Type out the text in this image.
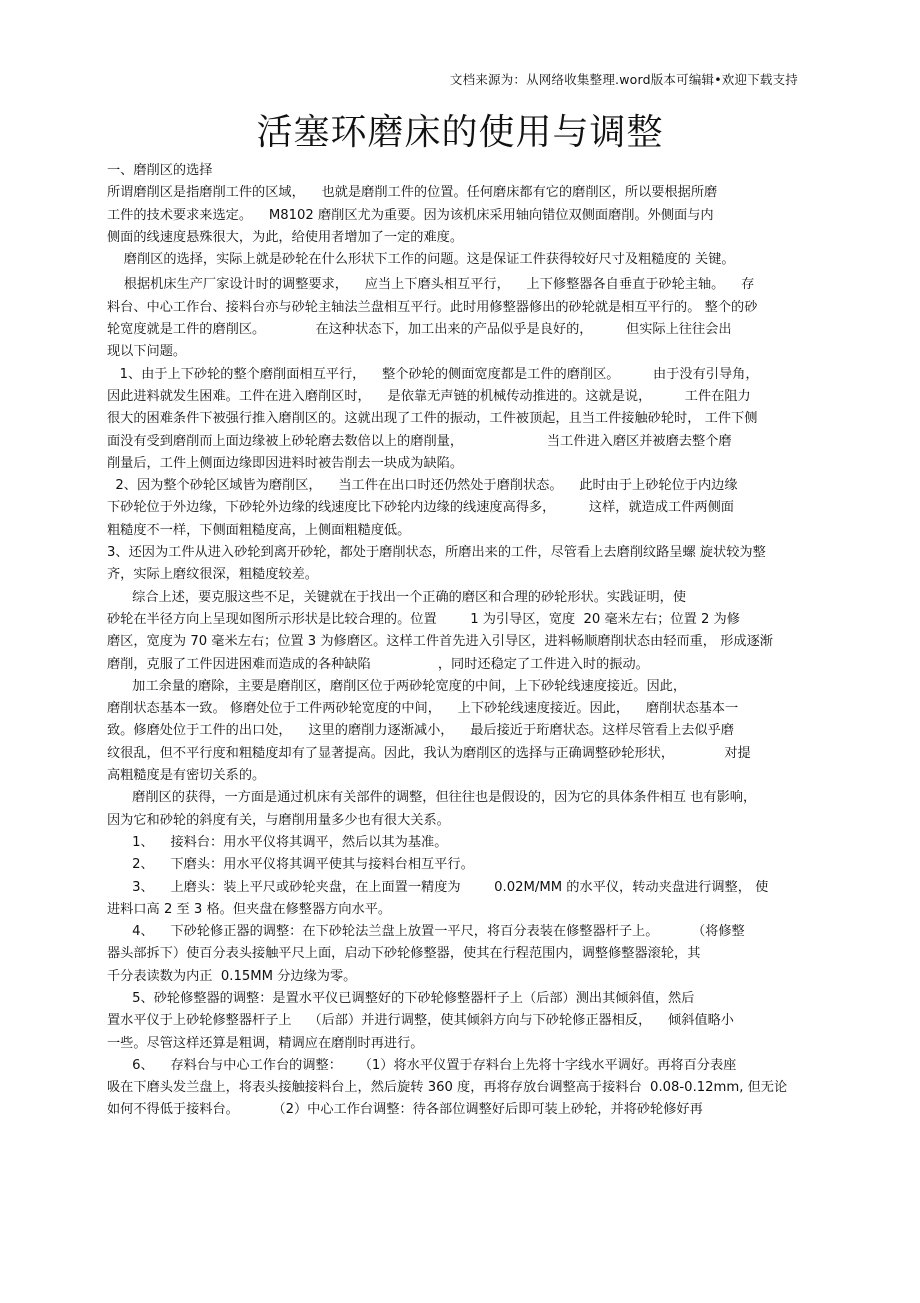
文档来源为：从网络收集整理.word版本可编辑•欢迎下载支持
活塞环磨床的使用与调整
一、磨削区的选择
所谓磨削区是指磨削工件的区域，    也就是磨削工件的位置。任何磨床都有它的磨削区，所以要根据所磨
工件的技术要求来选定。    M8102 磨削区尤为重要。因为该机床采用轴向错位双侧面磨削。外侧面与内
侧面的线速度悬殊很大，为此，给使用者增加了一定的难度。
磨削区的选择，实际上就是砂轮在什么形状下工作的问题。这是保证工件获得较好尺寸及粗糙度的 关键。
根据机床生产厂家设计时的调整要求，    应当上下磨头相互平行，    上下修整器各自垂直于砂轮主轴。    存
料台、中心工作台、接料台亦与砂轮主轴法兰盘相互平行。此时用修整器修出的砂轮就是相互平行的。 整个的砂
轮宽度就是工件的磨削区。            在这种状态下，加工出来的产品似乎是良好的，        但实际上往往会出
现以下问题。
1、由于上下砂轮的整个磨削面相互平行，    整个砂轮的侧面宽度都是工件的磨削区。        由于没有引导角，
因此进料就发生困难。工件在进入磨削区时，    是依靠无声链的机械传动推进的。这就是说，        工件在阻力
很大的困难条件下被强行推入磨削区的。这就出现了工件的振动，工件被顶起，且当工件接触砂轮时， 工件下侧
面没有受到磨削而上面边缘被上砂轮磨去数倍以上的磨削量，                    当工件进入磨区并被磨去整个磨
削量后，工件上侧面边缘即因进料时被告削去一块成为缺陷。
2、因为整个砂轮区域皆为磨削区，    当工件在出口时还仍然处于磨削状态。    此时由于上砂轮位于内边缘
下砂轮位于外边缘，下砂轮外边缘的线速度比下砂轮内边缘的线速度高得多，        这样，就造成工件两侧面
粗糙度不一样，下侧面粗糙度高，上侧面粗糙度低。
3、还因为工件从进入砂轮到离开砂轮，都处于磨削状态，所磨出来的工件，尽管看上去磨削纹路呈螺 旋状较为整
齐，实际上磨纹很深，粗糙度较差。
综合上述，要克服这些不足，关键就在于找出一个正确的磨区和合理的砂轮形状。实践证明，使
砂轮在半径方向上呈现如图所示形状是比较合理的。位置        1 为引导区，宽度  20 毫米左右；位置 2 为修
磨区，宽度为 70 毫米左右；位置 3 为修磨区。这样工件首先进入引导区，进料畅顺磨削状态由轻而重， 形成逐渐
磨削，克服了工件因进困难而造成的各种缺陷                ，同时还稳定了工件进入时的振动。
加工余量的磨除，主要是磨削区，磨削区位于两砂轮宽度的中间，上下砂轮线速度接近。因此，
磨削状态基本一致。 修磨处位于工件两砂轮宽度的中间，    上下砂轮线速度接近。因此，    磨削状态基本一
致。修磨处位于工件的出口处，    这里的磨削力逐渐减小，    最后接近于珩磨状态。这样尽管看上去似乎磨
纹很乱，但不平行度和粗糙度却有了显著提高。因此，我认为磨削区的选择与正确调整砂轮形状，            对提
高粗糙度是有密切关系的。
磨削区的获得，一方面是通过机床有关部件的调整，但往往也是假设的，因为它的具体条件相互 也有影响，
因为它和砂轮的斜度有关，与磨削用量多少也有很大关系。
1、    接料台：用水平仪将其调平，然后以其为基准。
2、    下磨头：用水平仪将其调平使其与接料台相互平行。
3、    上磨头：装上平尺或砂轮夹盘，在上面置一精度为        0.02M/MM 的水平仪，转动夹盘进行调整， 使
进料口高 2 至 3 格。但夹盘在修整器方向水平。
4、    下砂轮修正器的调整：在下砂轮法兰盘上放置一平尺，将百分表装在修整器杆子上。        （将修整
器头部拆下）使百分表头接触平尺上面，启动下砂轮修整器，使其在行程范围内，调整修整器滚轮，其
千分表读数为内正  0.15MM 分边缘为零。
5、砂轮修整器的调整：是置水平仪已调整好的下砂轮修整器杆子上（后部）测出其倾斜值，然后
置水平仪于上砂轮修整器杆子上    （后部）并进行调整，使其倾斜方向与下砂轮修正器相反，    倾斜值略小
一些。尽管这样还算是粗调，精调应在磨削时再进行。
6、    存料台与中心工作台的调整：    （1）将水平仪置于存料台上先将十字线水平调好。再将百分表座
吸在下磨头发兰盘上，将表头接触接料台上，然后旋转 360 度，再将存放台调整高于接料台  0.08-0.12mm, 但无论
如何不得低于接料台。        （2）中心工作台调整：待各部位调整好后即可装上砂轮，并将砂轮修好再
